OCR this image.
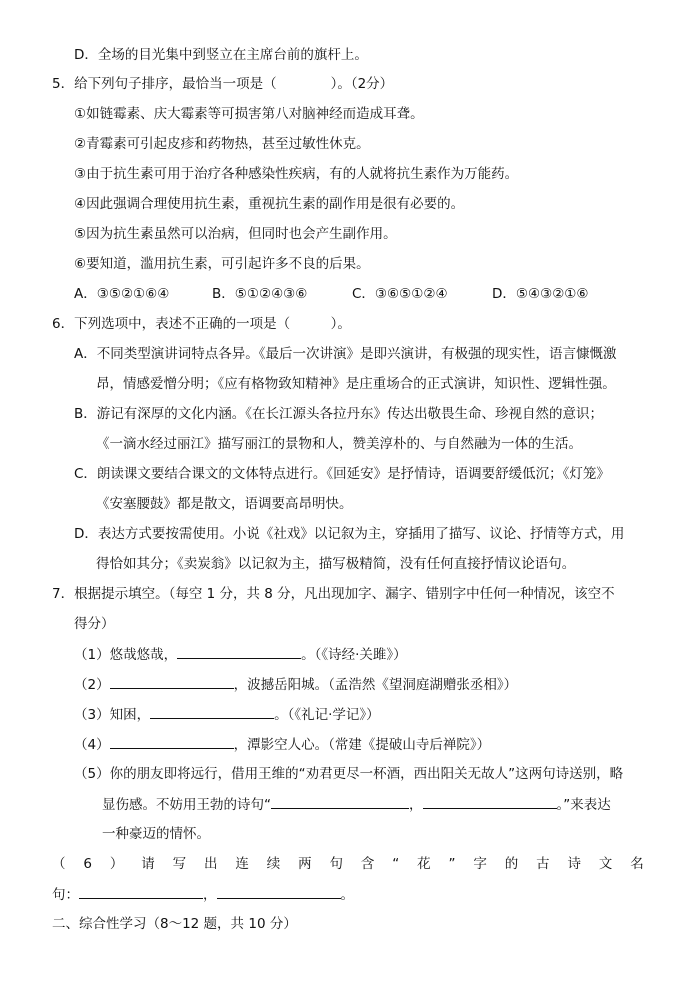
D．全场的目光集中到竖立在主席台前的旗杆上。
5．给下列句子排序，最恰当一项是（　　　　）。（2分）
①如链霉素、庆大霉素等可损害第八对脑神经而造成耳聋。
②青霉素可引起皮疹和药物热，甚至过敏性休克。
③由于抗生素可用于治疗各种感染性疾病，有的人就将抗生素作为万能药。
④因此强调合理使用抗生素，重视抗生素的副作用是很有必要的。
⑤因为抗生素虽然可以治病，但同时也会产生副作用。
⑥要知道，滥用抗生素，可引起许多不良的后果。
A．③⑤②①⑥④	B．⑤①②④③⑥	C．③⑥⑤①②④	D．⑤④③②①⑥
6．下列选项中，表述不正确的一项是（　　　）。
A．不同类型演讲词特点各异。《最后一次讲演》是即兴演讲，有极强的现实性，语言慷慨激
昂，情感爱憎分明；《应有格物致知精神》是庄重场合的正式演讲，知识性、逻辑性强。
B．游记有深厚的文化内涵。《在长江源头各拉丹东》传达出敬畏生命、珍视自然的意识；
《一滴水经过丽江》描写丽江的景物和人，赞美淳朴的、与自然融为一体的生活。
C．朗读课文要结合课文的文体特点进行。《回延安》是抒情诗，语调要舒缓低沉；《灯笼》
《安塞腰鼓》都是散文，语调要高昂明快。
D．表达方式要按需使用。小说《社戏》以记叙为主，穿插用了描写、议论、抒情等方式，用
得恰如其分；《卖炭翁》以记叙为主，描写极精简，没有任何直接抒情议论语句。
7．根据提示填空。（每空 1 分，共 8 分，凡出现加字、漏字、错别字中任何一种情况，该空不
得分）
（1）悠哉悠哉，	。（《诗经·关雎》）
（2）	，波撼岳阳城。（孟浩然《望洞庭湖赠张丞相》）
（3）知困，	。（《礼记·学记》）
（4）	，潭影空人心。（常建《提破山寺后禅院》）
（5）你的朋友即将远行，借用王维的“劝君更尽一杯酒，西出阳关无故人”这两句诗送别，略
显伤感。不妨用王勃的诗句“	，	。”来表达
一种豪迈的情怀。
（ 6 ） 请 写 出 连 续 两 句 含 “ 花 ” 字 的 古 诗 文 名
句：	，	。
二、综合性学习（8～12 题，共 10 分）
